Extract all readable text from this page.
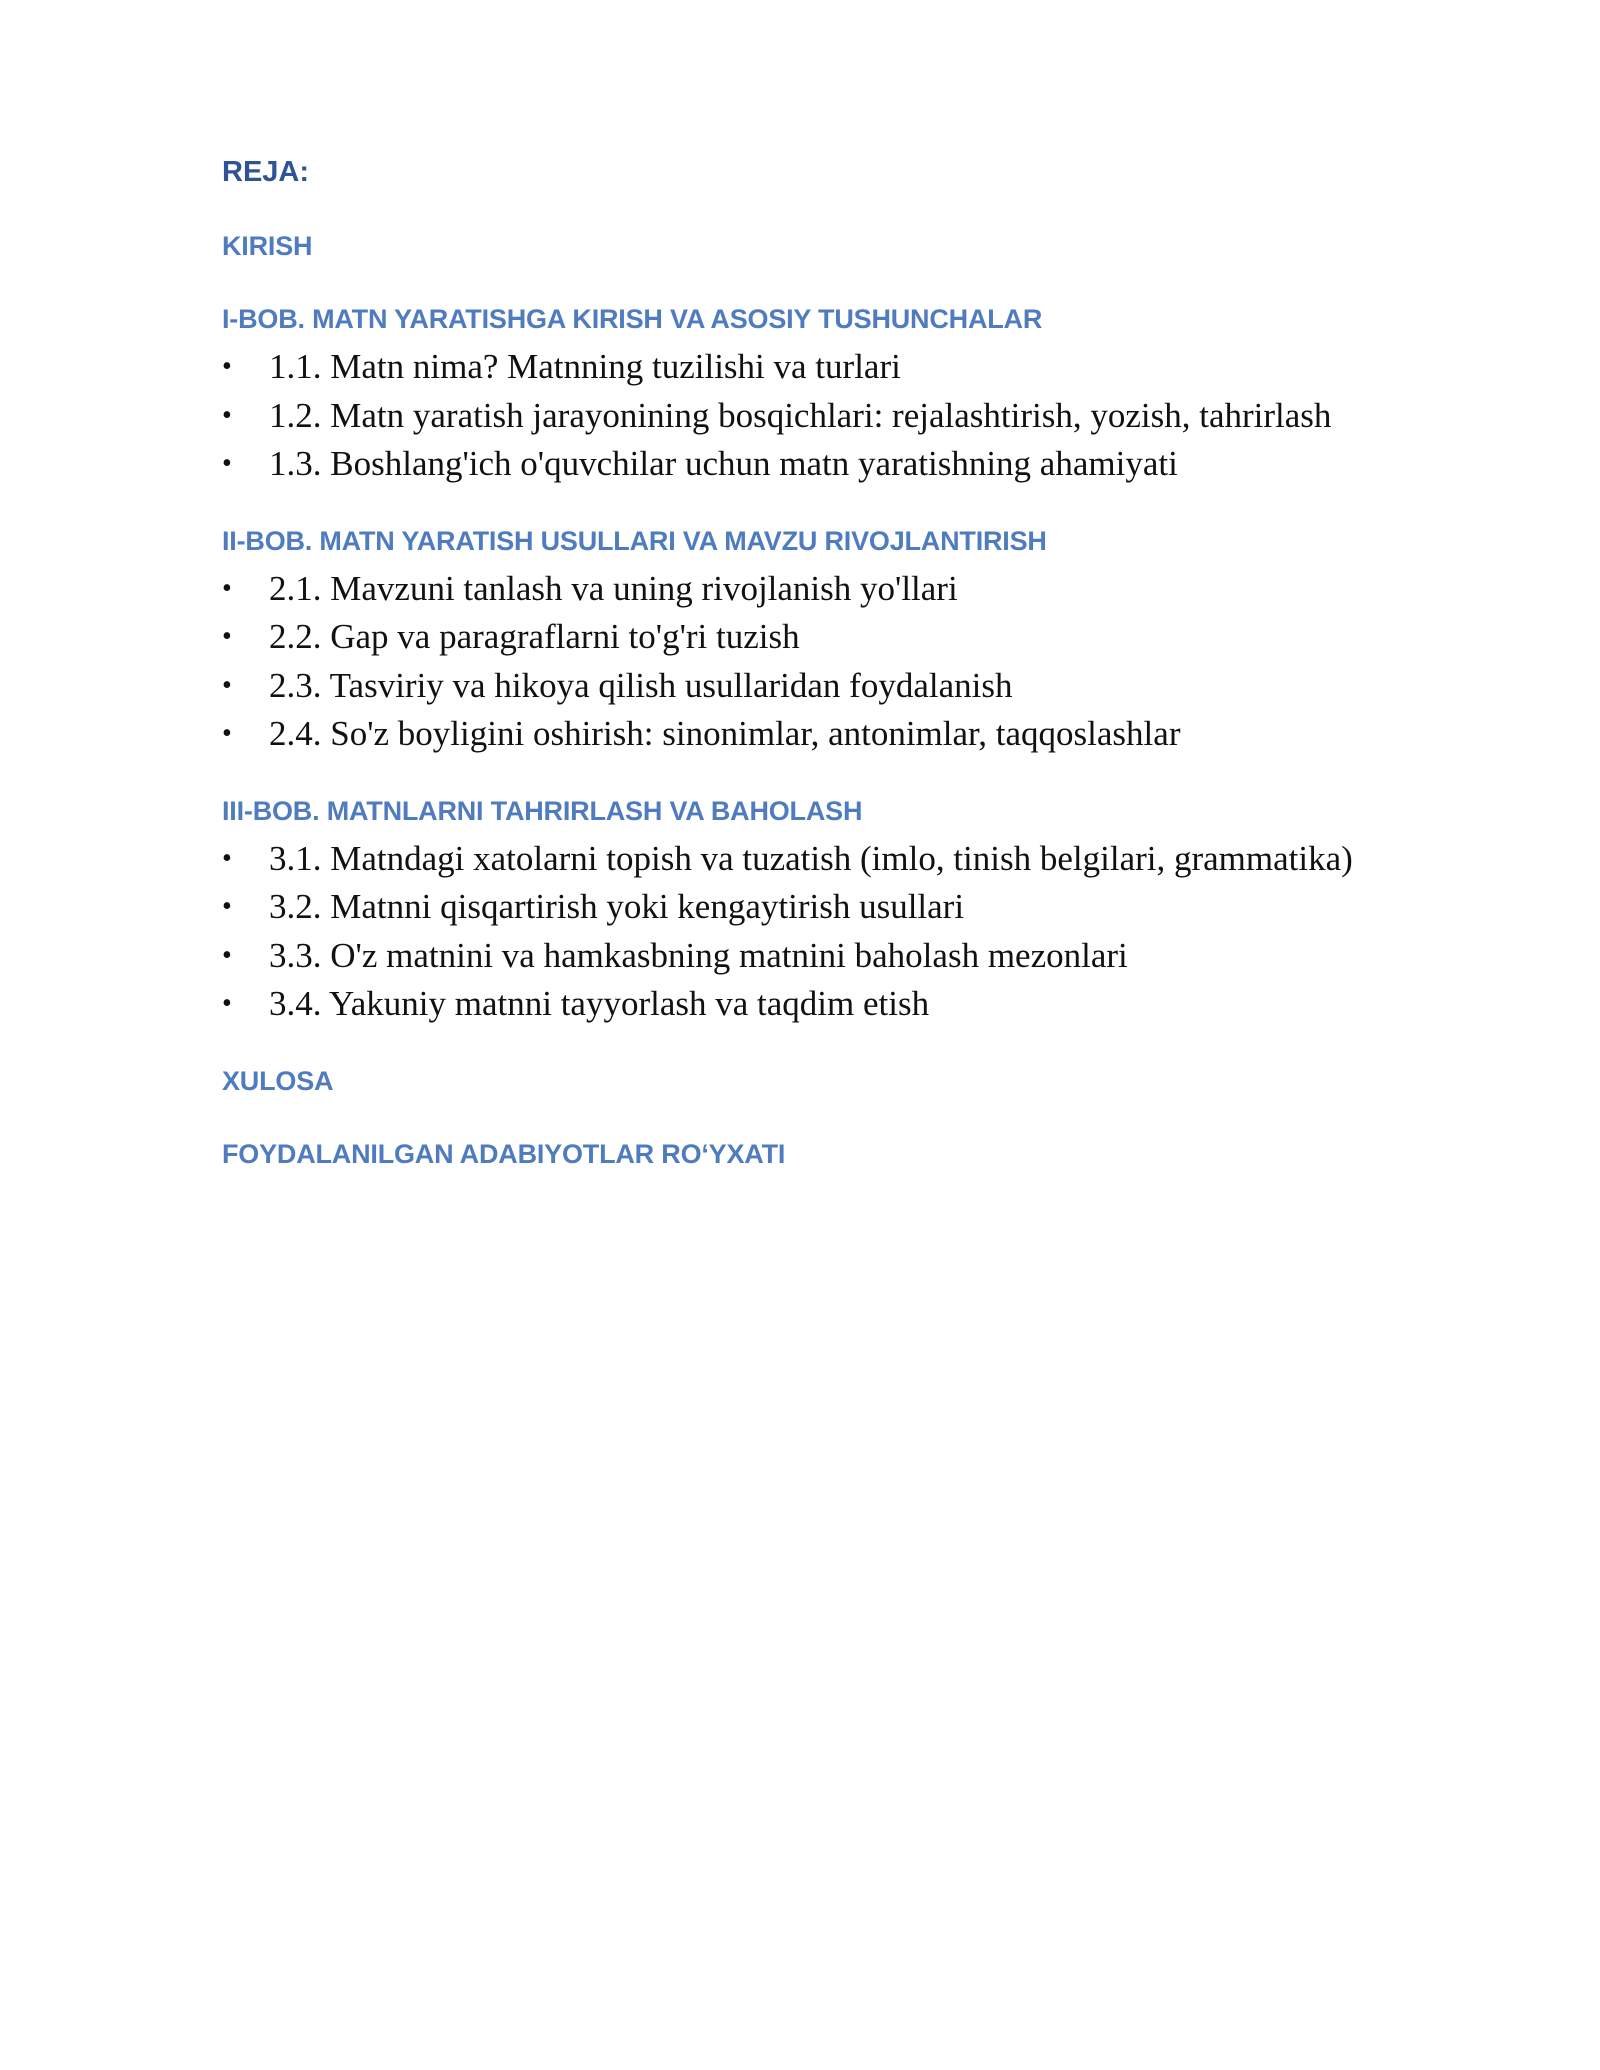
REJA:

KIRISH

I-BOB. MATN YARATISHGA KIRISH VA ASOSIY TUSHUNCHALAR

• 1.1. Matn nima? Matnning tuzilishi va turlari
• 1.2. Matn yaratish jarayonining bosqichlari: rejalashtirish, yozish, tahrirlash
• 1.3. Boshlang'ich o'quvchilar uchun matn yaratishning ahamiyati

II-BOB. MATN YARATISH USULLARI VA MAVZU RIVOJLANTIRISH

• 2.1. Mavzuni tanlash va uning rivojlanish yo'llari
• 2.2. Gap va paragraflarni to'g'ri tuzish
• 2.3. Tasviriy va hikoya qilish usullaridan foydalanish
• 2.4. So'z boyligini oshirish: sinonimlar, antonimlar, taqqoslashlar

III-BOB. MATNLARNI TAHRIRLASH VA BAHOLASH

• 3.1. Matndagi xatolarni topish va tuzatish (imlo, tinish belgilari, grammatika)
• 3.2. Matnni qisqartirish yoki kengaytirish usullari
• 3.3. O'z matnini va hamkasbning matnini baholash mezonlari
• 3.4. Yakuniy matnni tayyorlash va taqdim etish

XULOSA

FOYDALANILGAN ADABIYOTLAR RO‘YXATI
